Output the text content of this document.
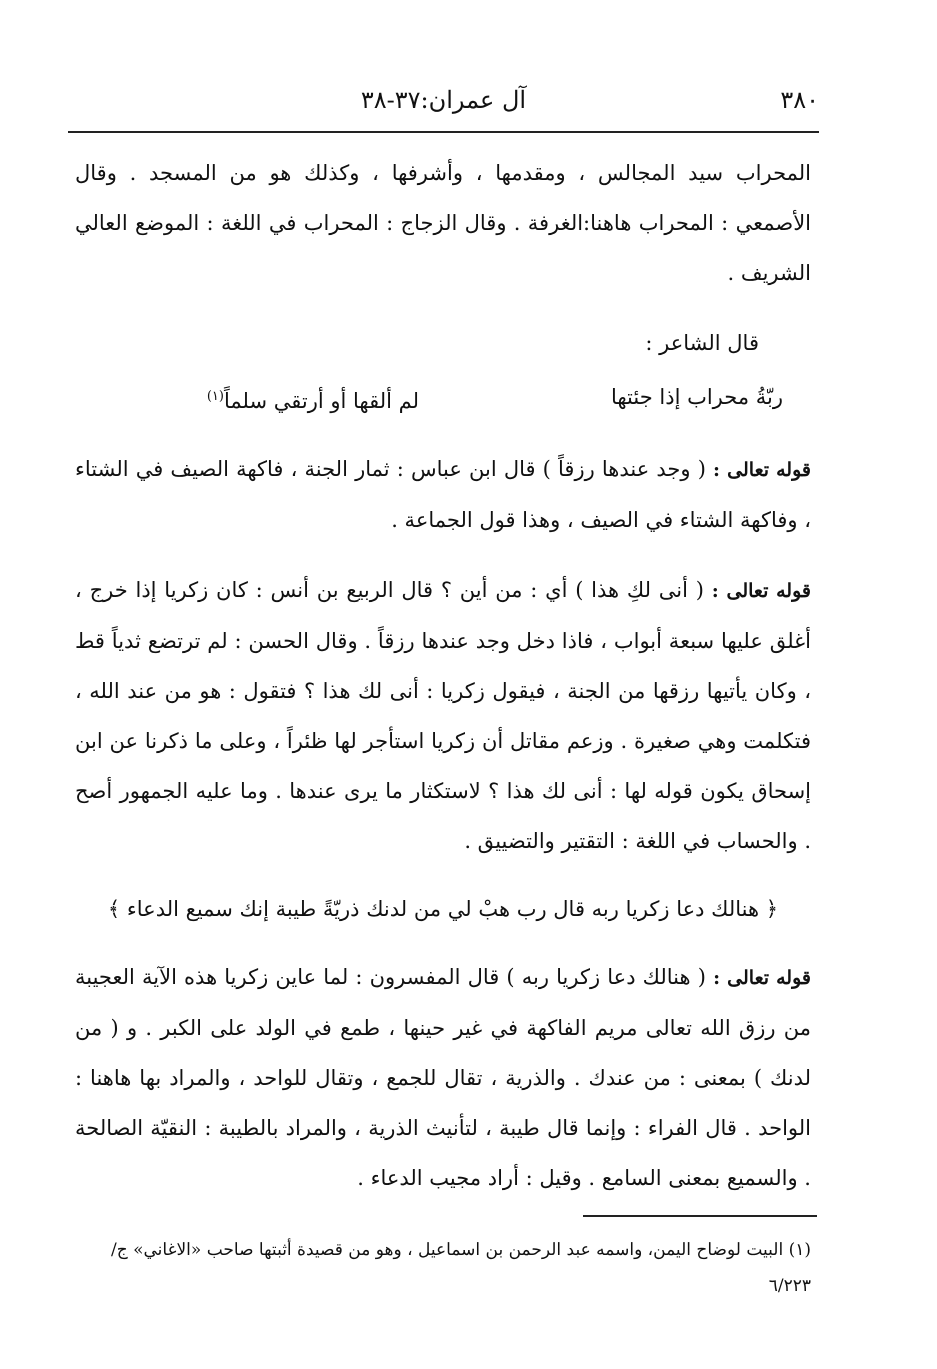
٣٨٠
آل عمران:٣٧-٣٨

المحراب سيد المجالس ، ومقدمها ، وأشرفها ، وكذلك هو من المسجد . وقال الأصمعي : المحراب هاهنا:الغرفة . وقال الزجاج : المحراب في اللغة : الموضع العالي الشريف .

قال الشاعر :
ربّةُ محراب إذا جئتها
لم ألقها أو أرتقي سلماً$^{(١)}$

قوله تعالى : ( وجد عندها رزقاً ) قال ابن عباس : ثمار الجنة ، فاكهة الصيف في الشتاء ، وفاكهة الشتاء في الصيف ، وهذا قول الجماعة .

قوله تعالى : ( أنى لكِ هذا ) أي : من أين ؟ قال الربيع بن أنس : كان زكريا إذا خرج ، أغلق عليها سبعة أبواب ، فاذا دخل وجد عندها رزقاً . وقال الحسن : لم ترتضع ثدياً قط ، وكان يأتيها رزقها من الجنة ، فيقول زكريا : أنى لك هذا ؟ فتقول : هو من عند الله ، فتكلمت وهي صغيرة . وزعم مقاتل أن زكريا استأجر لها ظئراً ، وعلى ما ذكرنا عن ابن إسحاق يكون قوله لها : أنى لك هذا ؟ لاستكثار ما يرى عندها . وما عليه الجمهور أصح . والحساب في اللغة : التقتير والتضييق .

﴿ هنالك دعا زكريا ربه قال رب هبْ لي من لدنك ذريّةً طيبة إنك سميع الدعاء ﴾

قوله تعالى : ( هنالك دعا زكريا ربه ) قال المفسرون : لما عاين زكريا هذه الآية العجيبة من رزق الله تعالى مريم الفاكهة في غير حينها ، طمع في الولد على الكبر . و ( من لدنك ) بمعنى : من عندك . والذرية ، تقال للجمع ، وتقال للواحد ، والمراد بها هاهنا : الواحد . قال الفراء : وإنما قال طيبة ، لتأنيث الذرية ، والمراد بالطيبة : النقيّة الصالحة . والسميع بمعنى السامع . وقيل : أراد مجيب الدعاء .

(١) البيت لوضاح اليمن، واسمه عبد الرحمن بن اسماعيل ، وهو من قصيدة أثبتها صاحب «الاغاني» ج/٦/٢٢٣
